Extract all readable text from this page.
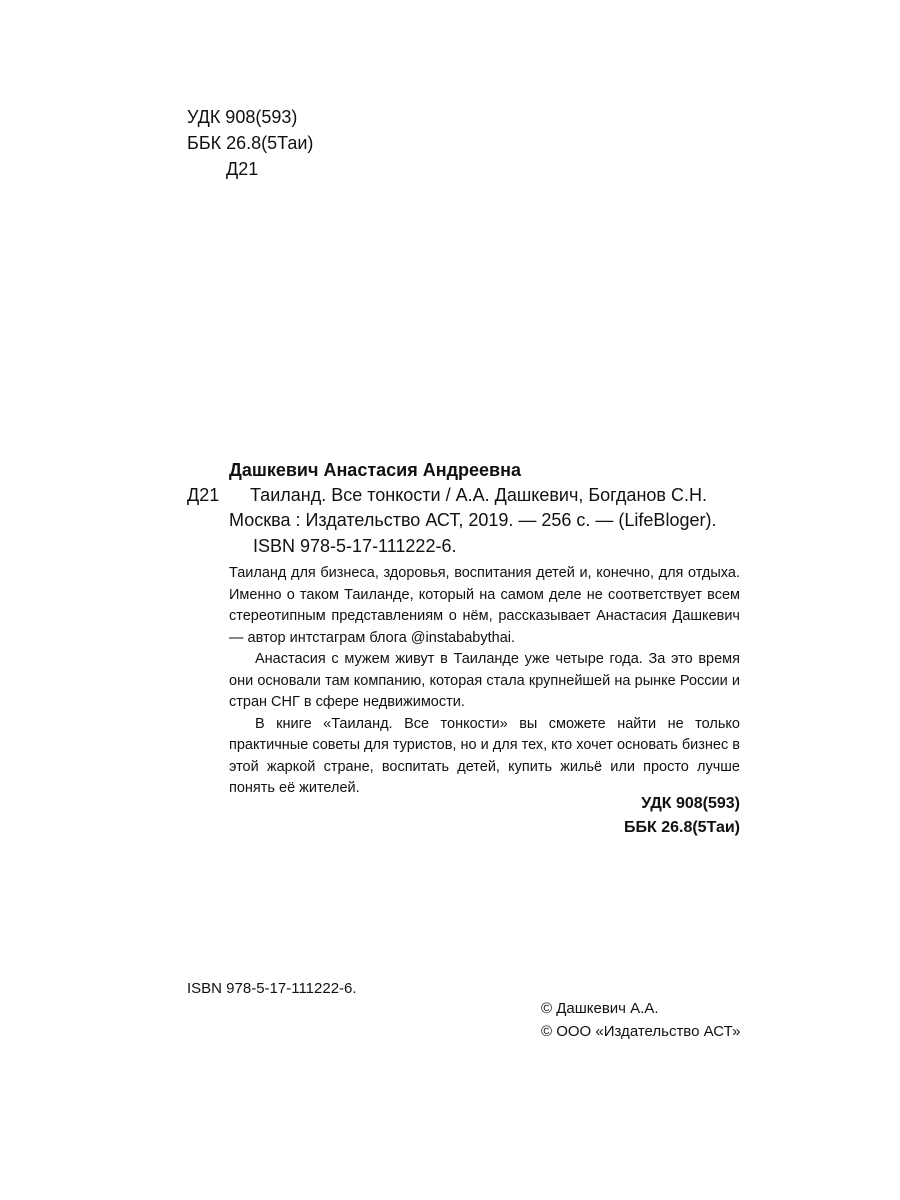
УДК 908(593)
ББК 26.8(5Таи)
Д21
Дашкевич Анастасия Андреевна
Д21 Таиланд. Все тонкости / А.А. Дашкевич, Богданов С.Н.
Москва : Издательство АСТ, 2019. — 256 с. — (LifeBloger).
ISBN 978-5-17-111222-6.

Таиланд для бизнеса, здоровья, воспитания детей и, конечно, для отдыха. Именно о таком Таиланде, который на самом деле не соответствует всем стереотипным представлениям о нём, рассказывает Анастасия Дашкевич — автор интстаграм блога @instababythai.

Анастасия с мужем живут в Таиланде уже четыре года. За это время они основали там компанию, которая стала крупнейшей на рынке России и стран СНГ в сфере недвижимости.

В книге «Таиланд. Все тонкости» вы сможете найти не только практичные советы для туристов, но и для тех, кто хочет основать бизнес в этой жаркой стране, воспитать детей, купить жильё или просто лучше понять её жителей.

УДК 908(593)
ББК 26.8(5Таи)
ISBN 978-5-17-111222-6.
© Дашкевич А.А.
© ООО «Издательство АСТ»
